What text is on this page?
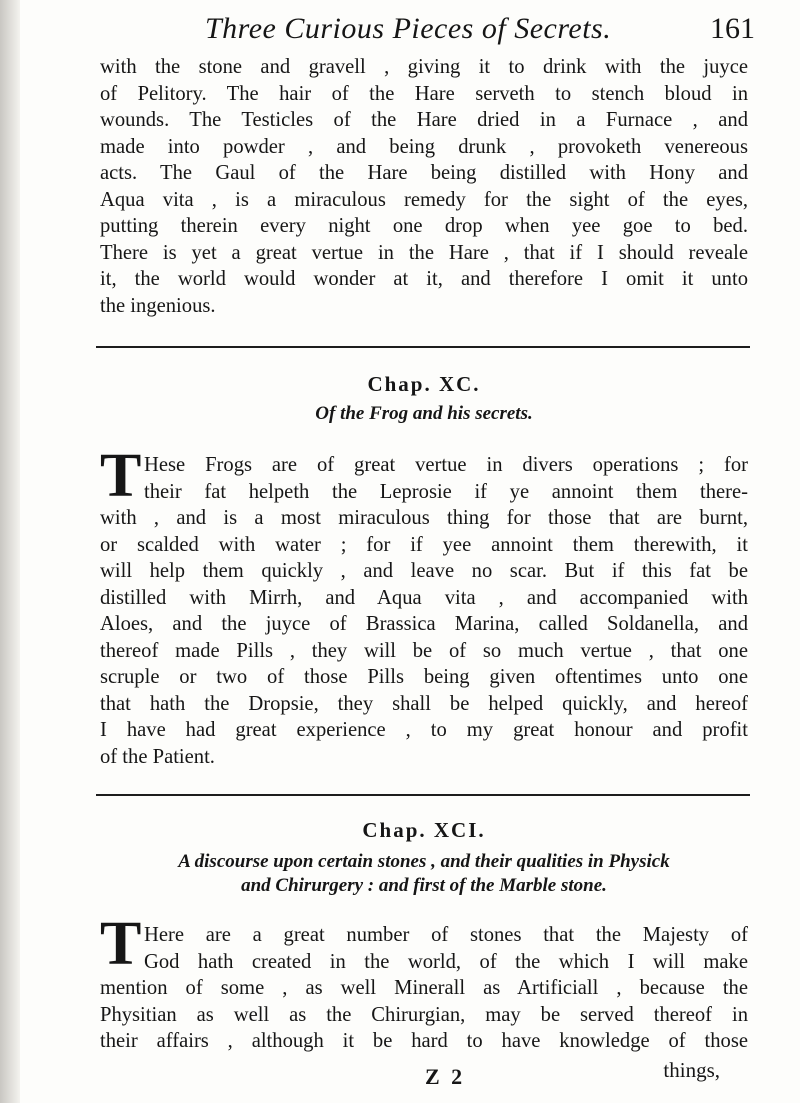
Three Curious Pieces of Secrets.	161
with the stone and gravell , giving it to drink with the juyce
of Pelitory. The hair of the Hare serveth to stench bloud in
wounds. The Testicles of the Hare dried in a Furnace , and
made into powder , and being drunk , provoketh venereous
acts. The Gaul of the Hare being distilled with Hony and
Aqua vita , is a miraculous remedy for the sight of the eyes,
putting therein every night one drop when yee goe to bed.
There is yet a great vertue in the Hare , that if I should reveale
it, the world would wonder at it, and therefore I omit it unto
the ingenious.
Chap. XC.
Of the Frog and his secrets.
T Hese Frogs are of great vertue in divers operations ; for
their fat helpeth the Leprosie if ye annoint them there-
with , and is a most miraculous thing for those that are burnt,
or scalded with water ; for if yee annoint them therewith, it
will help them quickly , and leave no scar. But if this fat be
distilled with Mirrh, and Aqua vita , and accompanied with
Aloes, and the juyce of Brassica Marina, called Soldanella, and
thereof made Pills , they will be of so much vertue , that one
scruple or two of those Pills being given oftentimes unto one
that hath the Dropsie, they shall be helped quickly, and hereof
I have had great experience , to my great honour and profit
of the Patient.
Chap. XCI.
A discourse upon certain stones , and their qualities in Physick
and Chirurgery : and first of the Marble stone.
T Here are a great number of stones that the Majesty of
God hath created in the world, of the which I will make
mention of some , as well Minerall as Artificiall , because the
Physitian as well as the Chirurgian, may be served thereof in
their affairs , although it be hard to have knowledge of those
Z 2	things,
